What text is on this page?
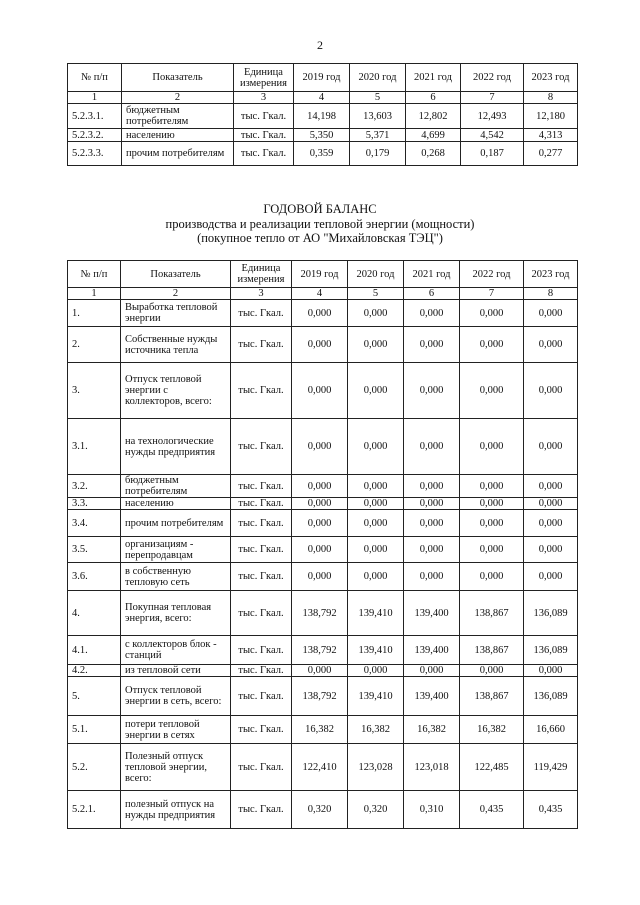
2
№ п/п	Показатель	Единица измерения	2019 год	2020 год	2021 год	2022 год	2023 год
1	2	3	4	5	6	7	8
5.2.3.1.	бюджетным потребителям	тыс. Гкал.	14,198	13,603	12,802	12,493	12,180
5.2.3.2.	населению	тыс. Гкал.	5,350	5,371	4,699	4,542	4,313
5.2.3.3.	прочим потребителям	тыс. Гкал.	0,359	0,179	0,268	0,187	0,277
ГОДОВОЙ БАЛАНС
производства и реализации тепловой энергии (мощности)
(покупное тепло от АО "Михайловская ТЭЦ")
№ п/п	Показатель	Единица измерения	2019 год	2020 год	2021 год	2022 год	2023 год
1	2	3	4	5	6	7	8
1.	Выработка тепловой энергии	тыс. Гкал.	0,000	0,000	0,000	0,000	0,000
2.	Собственные нужды источника тепла	тыс. Гкал.	0,000	0,000	0,000	0,000	0,000
3.	Отпуск тепловой энергии с коллекторов, всего:	тыс. Гкал.	0,000	0,000	0,000	0,000	0,000
3.1.	на технологические нужды предприятия	тыс. Гкал.	0,000	0,000	0,000	0,000	0,000
3.2.	бюджетным потребителям	тыс. Гкал.	0,000	0,000	0,000	0,000	0,000
3.3.	населению	тыс. Гкал.	0,000	0,000	0,000	0,000	0,000
3.4.	прочим потребителям	тыс. Гкал.	0,000	0,000	0,000	0,000	0,000
3.5.	организациям - перепродавцам	тыс. Гкал.	0,000	0,000	0,000	0,000	0,000
3.6.	в собственную тепловую сеть	тыс. Гкал.	0,000	0,000	0,000	0,000	0,000
4.	Покупная тепловая энергия, всего:	тыс. Гкал.	138,792	139,410	139,400	138,867	136,089
4.1.	с коллекторов блок - станций	тыс. Гкал.	138,792	139,410	139,400	138,867	136,089
4.2.	из тепловой сети	тыс. Гкал.	0,000	0,000	0,000	0,000	0,000
5.	Отпуск тепловой энергии в сеть, всего:	тыс. Гкал.	138,792	139,410	139,400	138,867	136,089
5.1.	потери тепловой энергии в сетях	тыс. Гкал.	16,382	16,382	16,382	16,382	16,660
5.2.	Полезный отпуск тепловой энергии, всего:	тыс. Гкал.	122,410	123,028	123,018	122,485	119,429
5.2.1.	полезный отпуск на нужды предприятия	тыс. Гкал.	0,320	0,320	0,310	0,435	0,435
